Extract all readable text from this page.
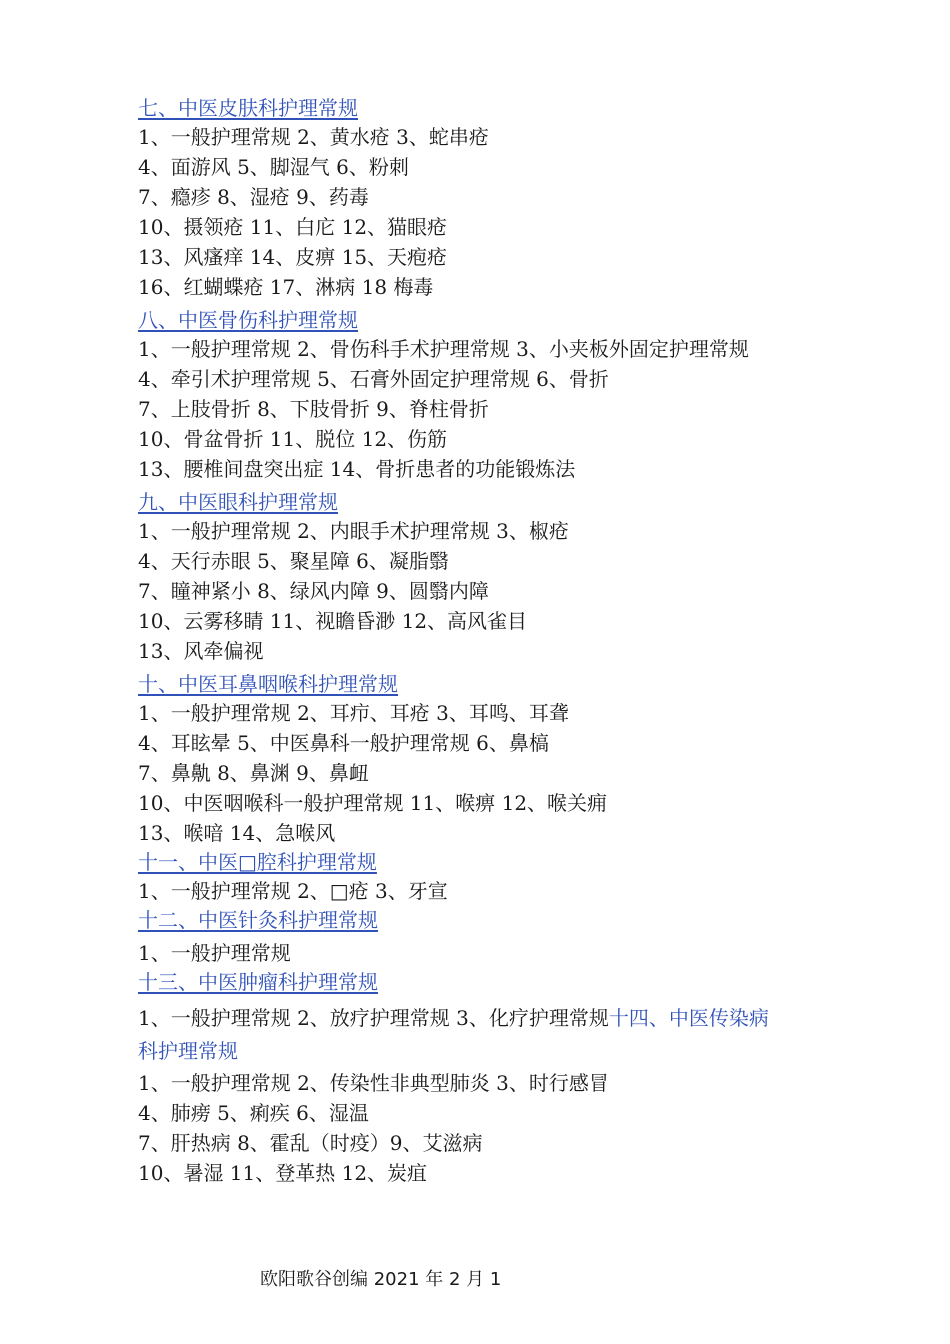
七、中医皮肤科护理常规
1、一般护理常规 2、黄水疮 3、蛇串疮
4、面游风 5、脚湿气 6、粉刺
7、瘾疹 8、湿疮 9、药毒
10、摄领疮 11、白庀 12、猫眼疮
13、风瘙痒 14、皮痹 15、天疱疮
16、红蝴蝶疮 17、淋病 18 梅毒
八、中医骨伤科护理常规
1、一般护理常规 2、骨伤科手术护理常规 3、小夹板外固定护理常规
4、牵引术护理常规 5、石膏外固定护理常规 6、骨折
7、上肢骨折 8、下肢骨折 9、脊柱骨折
10、骨盆骨折 11、脱位 12、伤筋
13、腰椎间盘突出症 14、骨折患者的功能锻炼法
九、中医眼科护理常规
1、一般护理常规 2、内眼手术护理常规 3、椒疮
4、天行赤眼 5、聚星障 6、凝脂翳
7、瞳神紧小 8、绿风内障 9、圆翳内障
10、云雾移睛 11、视瞻昏渺 12、高风雀目
13、风牵偏视
十、中医耳鼻咽喉科护理常规
1、一般护理常规 2、耳疖、耳疮 3、耳鸣、耳聋
4、耳眩晕 5、中医鼻科一般护理常规 6、鼻槁
7、鼻鼽 8、鼻渊 9、鼻衄
10、中医咽喉科一般护理常规 11、喉痹 12、喉关痈
13、喉喑 14、急喉风
十一、中医□腔科护理常规
1、一般护理常规 2、□疮 3、牙宣
十二、中医针灸科护理常规
1、一般护理常规
十三、中医肿瘤科护理常规
1、一般护理常规 2、放疗护理常规 3、化疗护理常规十四、中医传染病科护理常规
1、一般护理常规 2、传染性非典型肺炎 3、时行感冒
4、肺痨 5、痢疾 6、湿温
7、肝热病 8、霍乱（时疫）9、艾滋病
10、暑湿 11、登革热 12、炭疽
欧阳歌谷创编 2021 年 2 月 1
